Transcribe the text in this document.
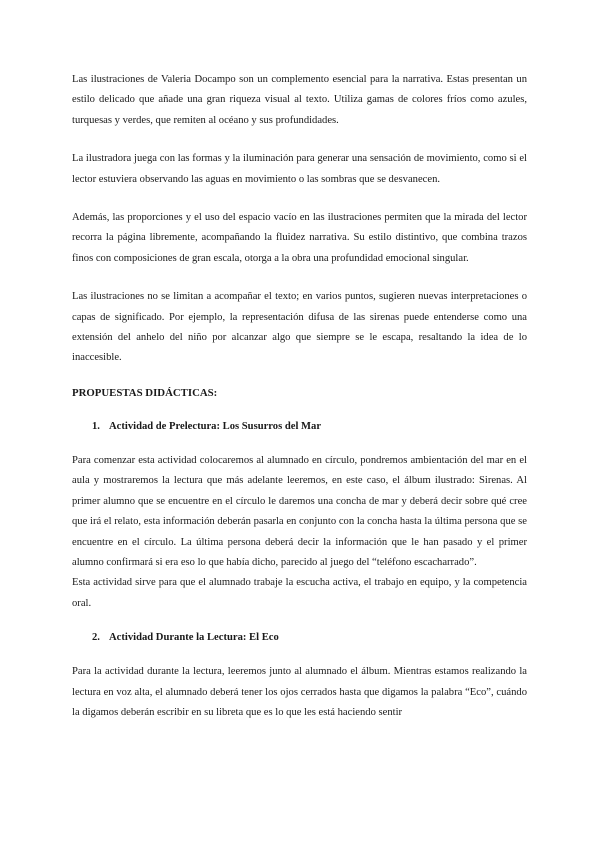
Las ilustraciones de Valeria Docampo son un complemento esencial para la narrativa. Estas presentan un estilo delicado que añade una gran riqueza visual al texto. Utiliza gamas de colores fríos como azules, turquesas y verdes, que remiten al océano y sus profundidades.

La ilustradora juega con las formas y la iluminación para generar una sensación de movimiento, como si el lector estuviera observando las aguas en movimiento o las sombras que se desvanecen.

Además, las proporciones y el uso del espacio vacío en las ilustraciones permiten que la mirada del lector recorra la página libremente, acompañando la fluidez narrativa. Su estilo distintivo, que combina trazos finos con composiciones de gran escala, otorga a la obra una profundidad emocional singular.

Las ilustraciones no se limitan a acompañar el texto; en varios puntos, sugieren nuevas interpretaciones o capas de significado. Por ejemplo, la representación difusa de las sirenas puede entenderse como una extensión del anhelo del niño por alcanzar algo que siempre se le escapa, resaltando la idea de lo inaccesible.

PROPUESTAS DIDÁCTICAS:
1. Actividad de Prelectura: Los Susurros del Mar

Para comenzar esta actividad colocaremos al alumnado en círculo, pondremos ambientación del mar en el aula y mostraremos la lectura que más adelante leeremos, en este caso, el álbum ilustrado: Sirenas. Al primer alumno que se encuentre en el círculo le daremos una concha de mar y deberá decir sobre qué cree que irá el relato, esta información deberán pasarla en conjunto con la concha hasta la última persona que se encuentre en el círculo. La última persona deberá decir la información que le han pasado y el primer alumno confirmará si era eso lo que había dicho, parecido al juego del “teléfono escacharrado”.

Esta actividad sirve para que el alumnado trabaje la escucha activa, el trabajo en equipo, y la competencia oral.

2. Actividad Durante la Lectura: El Eco

Para la actividad durante la lectura, leeremos junto al alumnado el álbum. Mientras estamos realizando la lectura en voz alta, el alumnado deberá tener los ojos cerrados hasta que digamos la palabra “Eco”, cuándo la digamos deberán escribir en su libreta que es lo que les está haciendo sentir
